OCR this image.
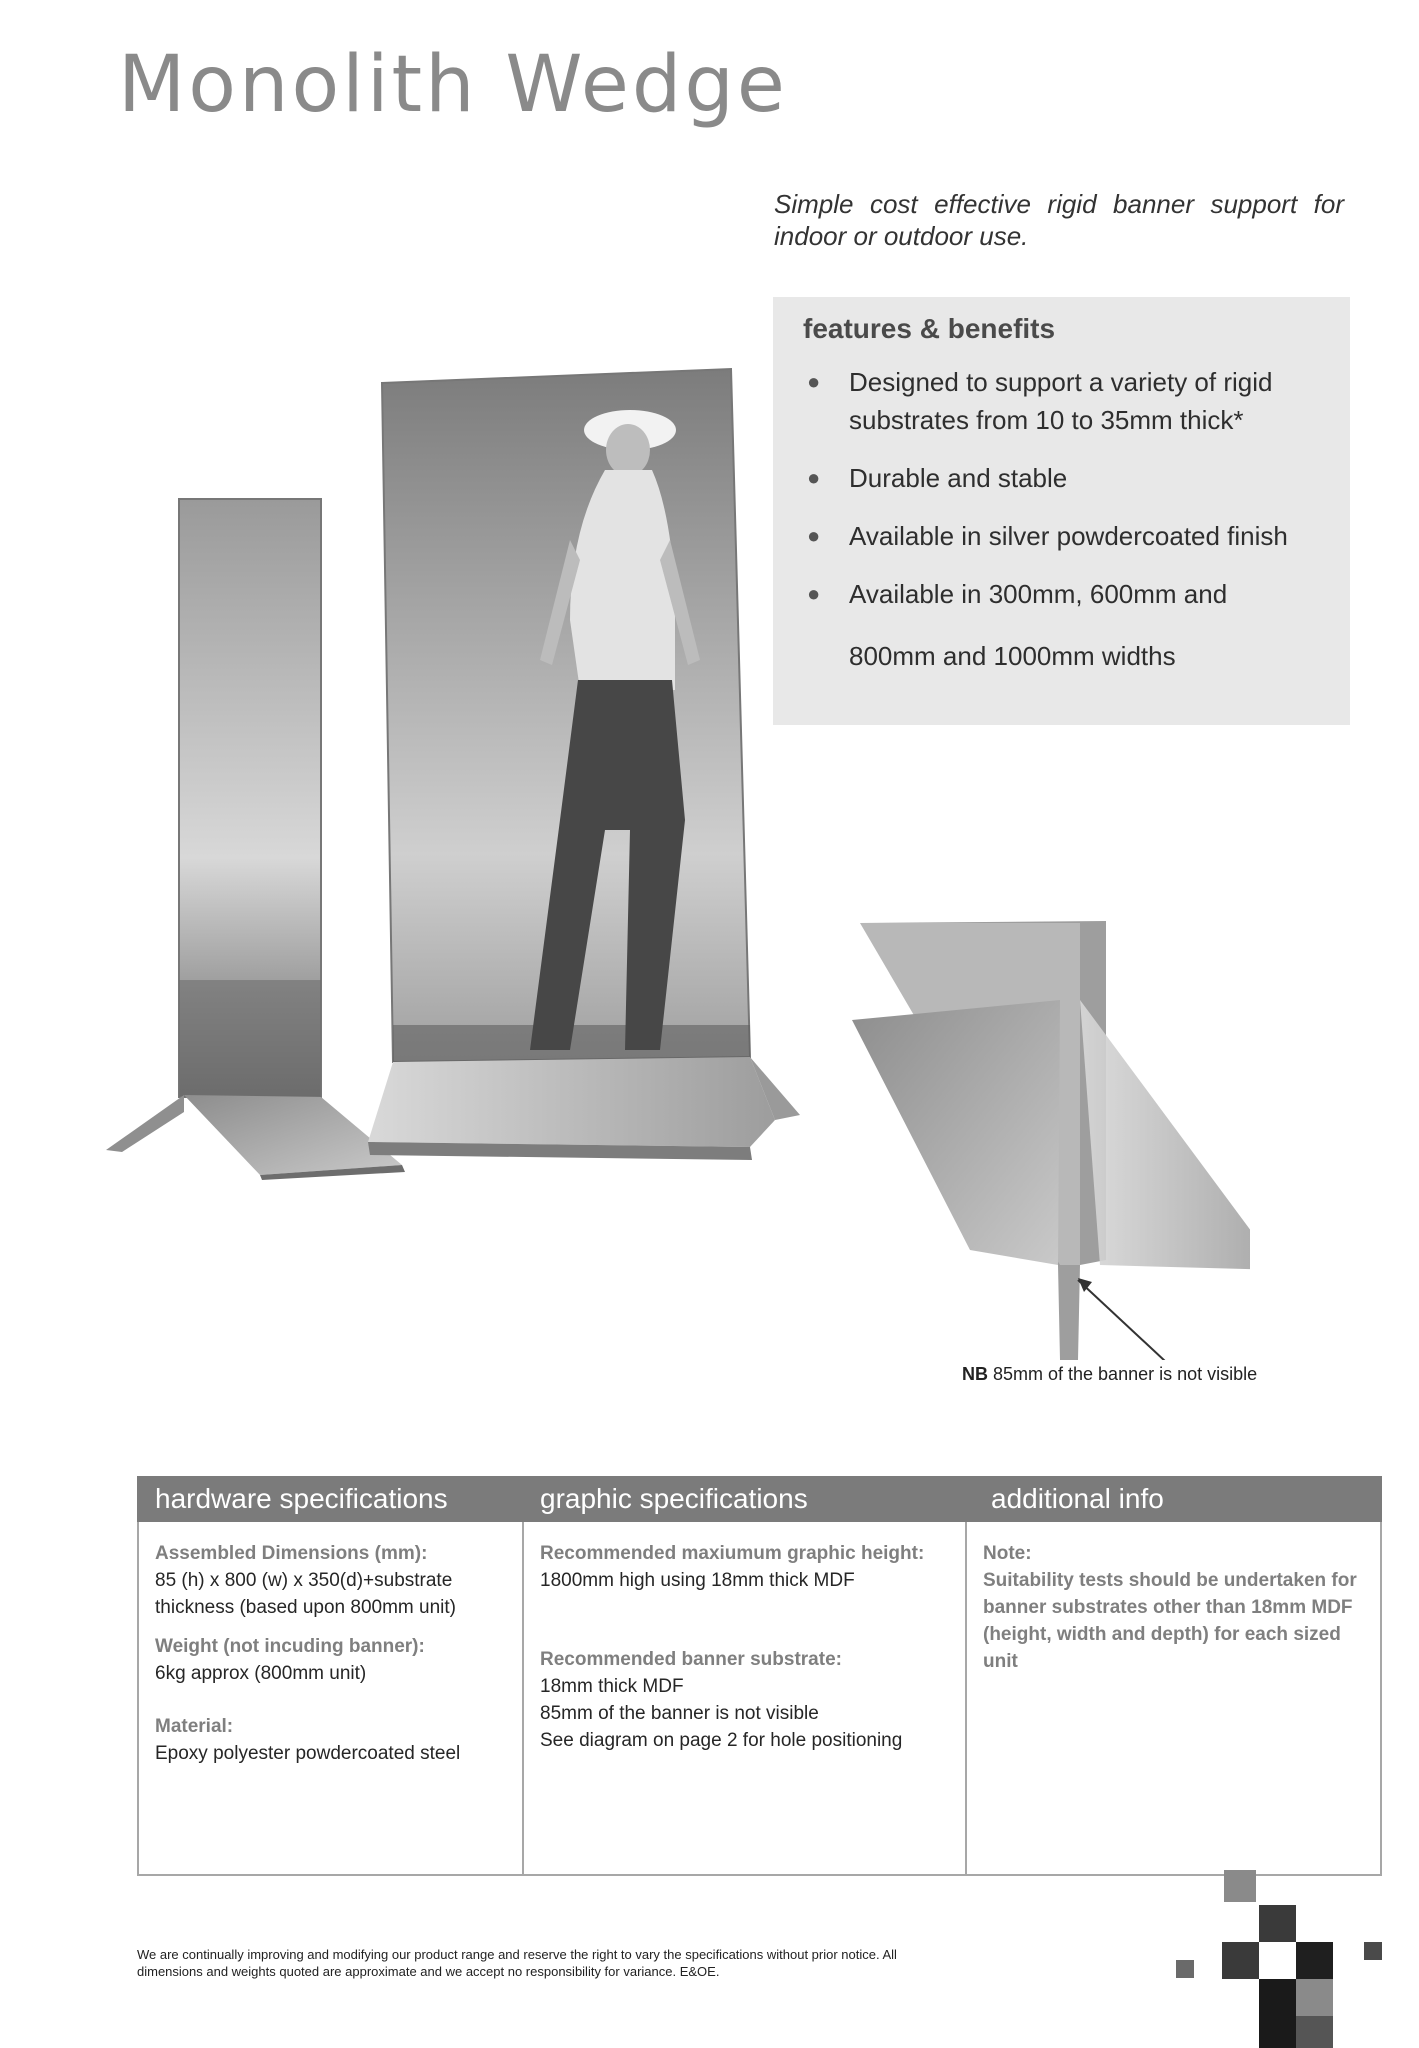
Monolith Wedge

Simple cost effective rigid banner support for indoor or outdoor use.

features & benefits
● Designed to support a variety of rigid substrates from 10 to 35mm thick*
● Durable and stable
● Available in silver powdercoated finish
● Available in 300mm, 600mm and 800mm and 1000mm widths
NB 85mm of the banner is not visible
hardware specifications	graphic specifications	additional info
Assembled Dimensions (mm):
85 (h) x 800 (w) x 350(d)+substrate thickness (based upon 800mm unit)
Weight (not incuding banner):
6kg approx (800mm unit)
Material:
Epoxy polyester powdercoated steel
Recommended maxiumum graphic height:
1800mm high using 18mm thick MDF
Recommended banner substrate:
18mm thick MDF
85mm of the banner is not visible
See diagram on page 2 for hole positioning
Note:
Suitability tests should be undertaken for banner substrates other than 18mm MDF (height, width and depth) for each sized unit
We are continually improving and modifying our product range and reserve the right to vary the specifications without prior notice. All dimensions and weights quoted are approximate and we accept no responsibility for variance. E&OE.
